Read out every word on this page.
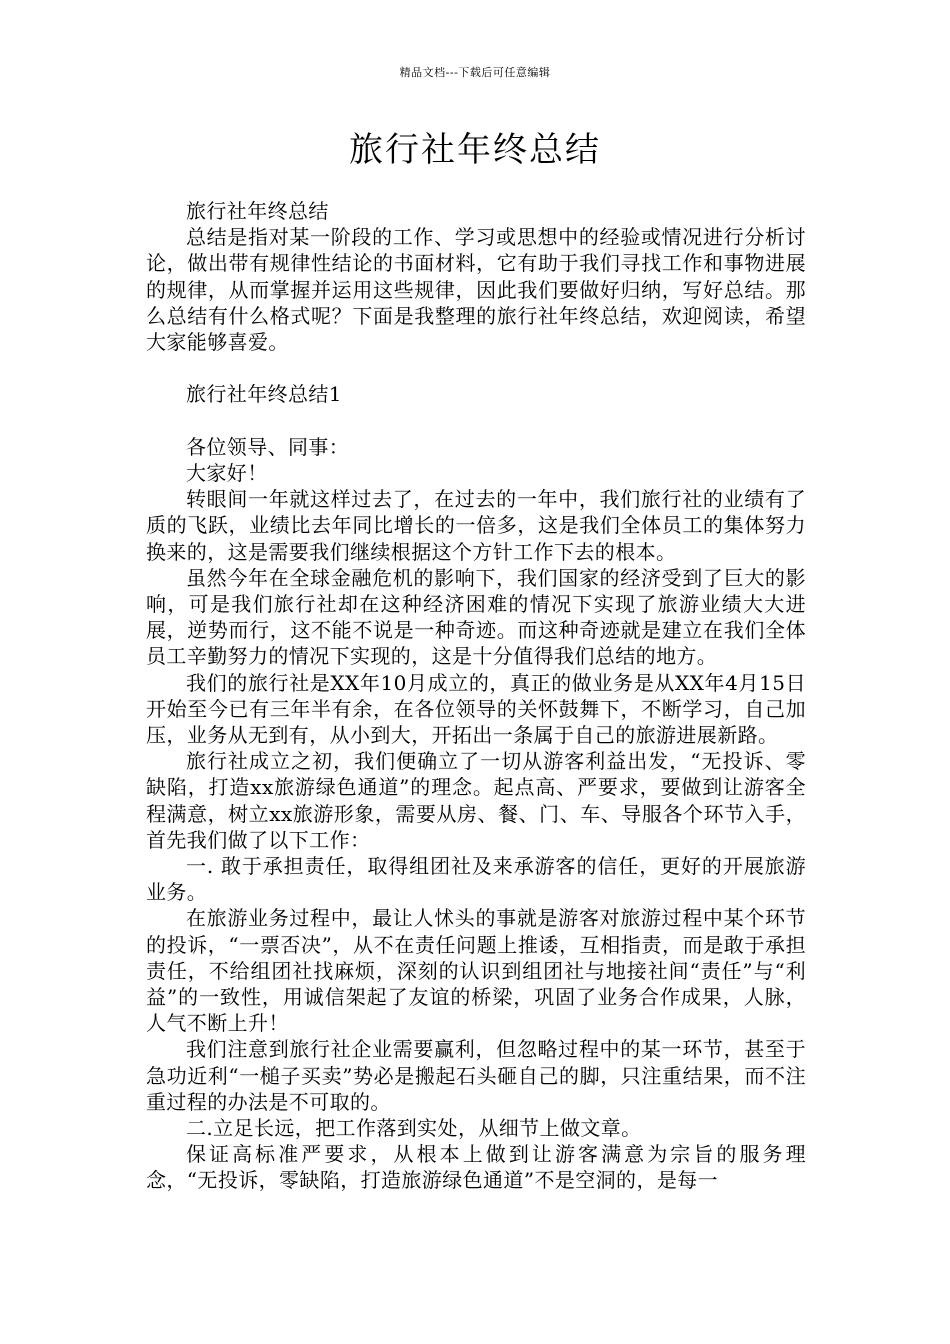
精品文档---下载后可任意编辑
旅行社年终总结

旅行社年终总结

总结是指对某一阶段的工作、学习或思想中的经验或情况进行分析讨论，做出带有规律性结论的书面材料，它有助于我们寻找工作和事物进展的规律，从而掌握并运用这些规律，因此我们要做好归纳，写好总结。那么总结有什么格式呢？下面是我整理的旅行社年终总结，欢迎阅读，希望大家能够喜爱。

旅行社年终总结1

各位领导、同事：

大家好！

转眼间一年就这样过去了，在过去的一年中，我们旅行社的业绩有了质的飞跃，业绩比去年同比增长的一倍多，这是我们全体员工的集体努力换来的，这是需要我们继续根据这个方针工作下去的根本。

虽然今年在全球金融危机的影响下，我们国家的经济受到了巨大的影响，可是我们旅行社却在这种经济困难的情况下实现了旅游业绩大大进展，逆势而行，这不能不说是一种奇迹。而这种奇迹就是建立在我们全体员工辛勤努力的情况下实现的，这是十分值得我们总结的地方。

我们的旅行社是XX年10月成立的，真正的做业务是从XX年4月15日开始至今已有三年半有余，在各位领导的关怀鼓舞下，不断学习，自己加压，业务从无到有，从小到大，开拓出一条属于自己的旅游进展新路。

旅行社成立之初，我们便确立了一切从游客利益出发，“无投诉、零缺陷，打造xx旅游绿色通道”的理念。起点高、严要求，要做到让游客全程满意，树立xx旅游形象，需要从房、餐、门、车、导服各个环节入手，首先我们做了以下工作：

一. 敢于承担责任，取得组团社及来承游客的信任，更好的开展旅游业务。

在旅游业务过程中，最让人怵头的事就是游客对旅游过程中某个环节的投诉，“一票否决”，从不在责任问题上推诿，互相指责，而是敢于承担责任，不给组团社找麻烦，深刻的认识到组团社与地接社间“责任”与“利益”的一致性，用诚信架起了友谊的桥梁，巩固了业务合作成果，人脉，人气不断上升！

我们注意到旅行社企业需要赢利，但忽略过程中的某一环节，甚至于急功近利“一槌子买卖”势必是搬起石头砸自己的脚，只注重结果，而不注重过程的办法是不可取的。

二.立足长远，把工作落到实处，从细节上做文章。

保证高标准严要求，从根本上做到让游客满意为宗旨的服务理念，“无投诉，零缺陷，打造旅游绿色通道”不是空洞的，是每一
